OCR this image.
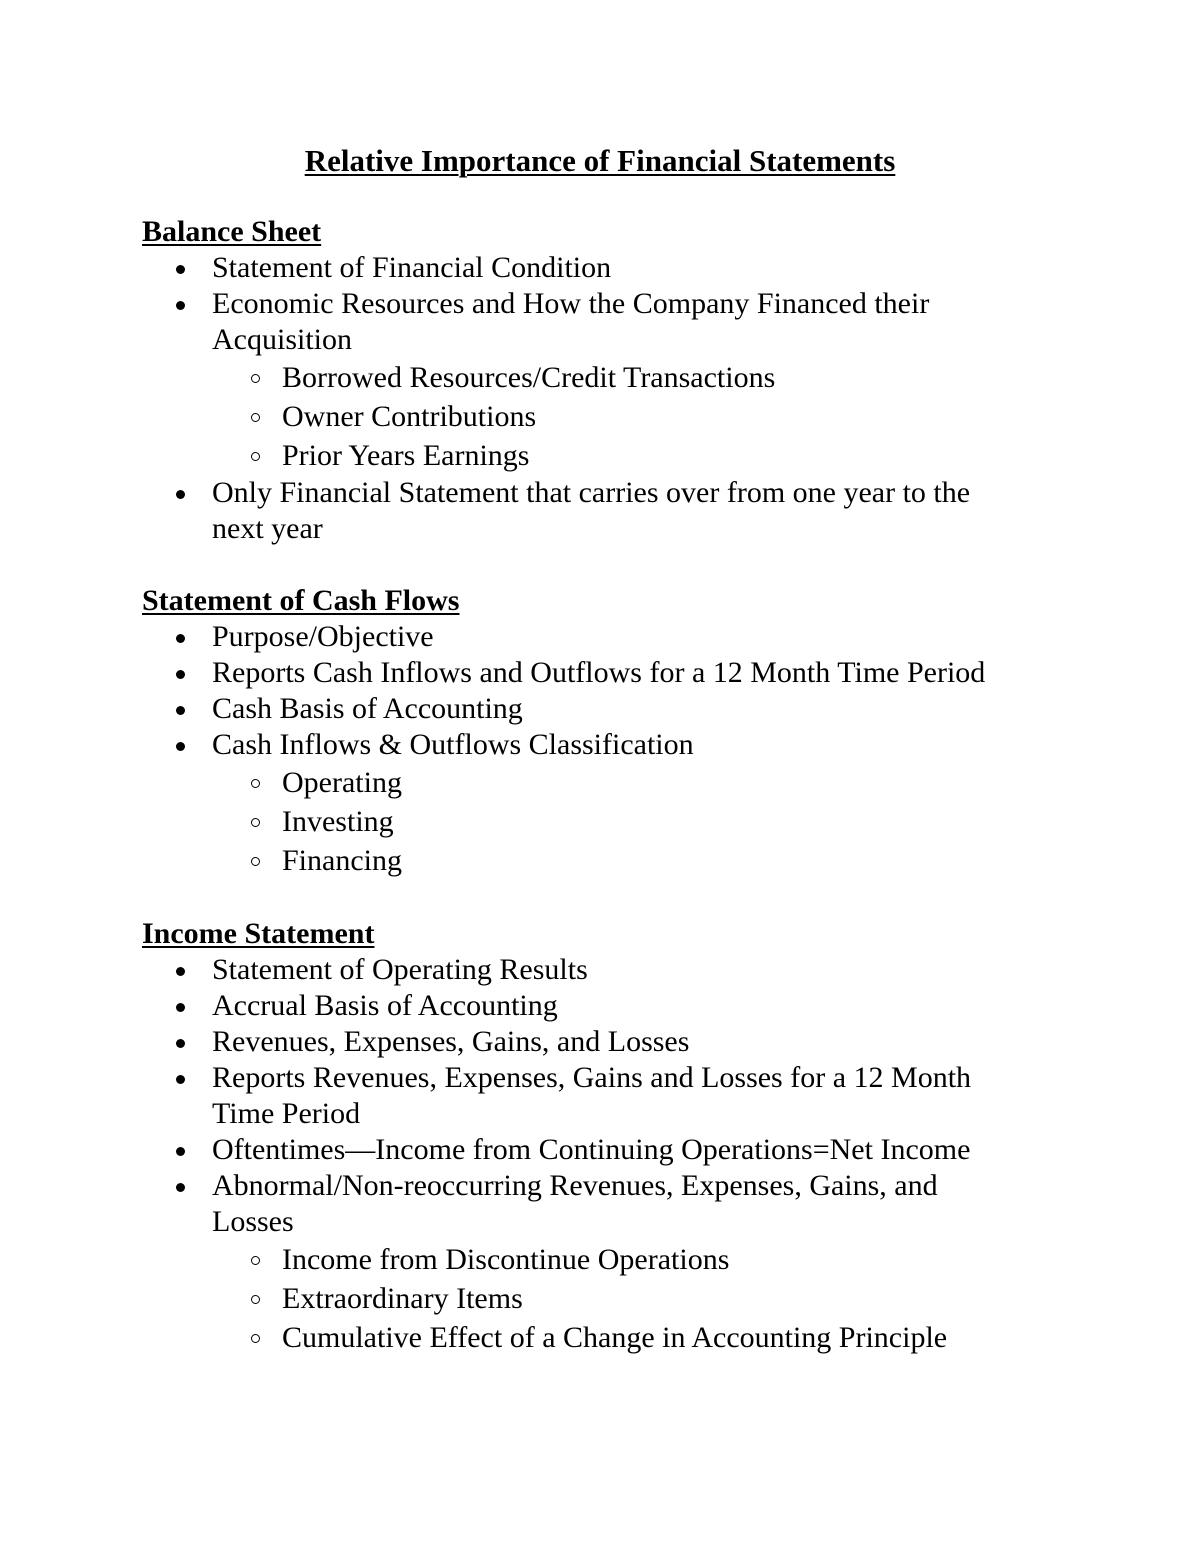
Relative Importance of Financial Statements
Balance Sheet
Statement of Financial Condition
Economic Resources and How the Company Financed their
Acquisition
Borrowed Resources/Credit Transactions
Owner Contributions
Prior Years Earnings
Only Financial Statement that carries over from one year to the
next year
Statement of Cash Flows
Purpose/Objective
Reports Cash Inflows and Outflows for a 12 Month Time Period
Cash Basis of Accounting
Cash Inflows & Outflows Classification
Operating
Investing
Financing
Income Statement
Statement of Operating Results
Accrual Basis of Accounting
Revenues, Expenses, Gains, and Losses
Reports Revenues, Expenses, Gains and Losses for a 12 Month
Time Period
Oftentimes—Income from Continuing Operations=Net Income
Abnormal/Non-reoccurring Revenues, Expenses, Gains, and
Losses
Income from Discontinue Operations
Extraordinary Items
Cumulative Effect of a Change in Accounting Principle
